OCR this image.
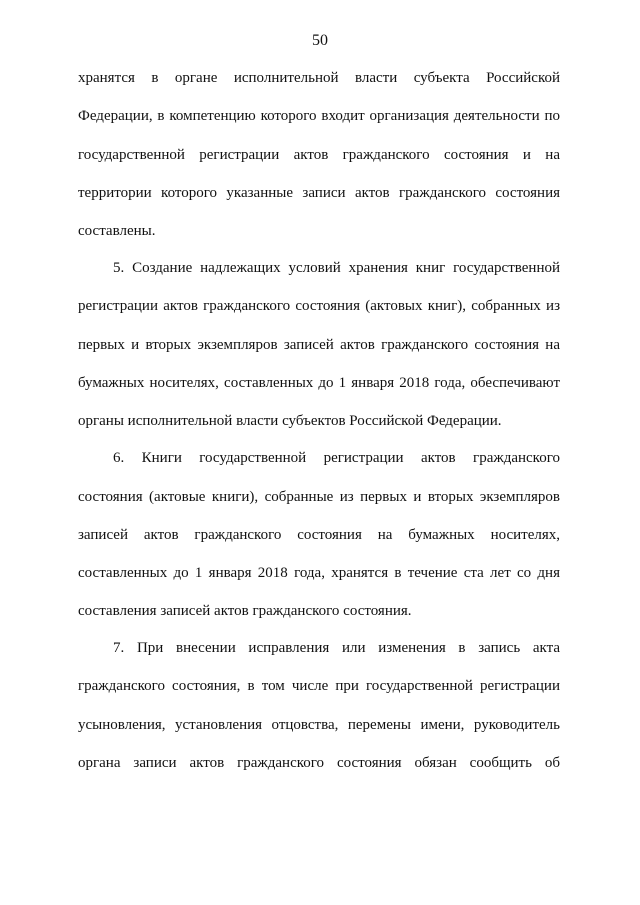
50
хранятся в органе исполнительной власти субъекта Российской
Федерации, в компетенцию которого входит организация деятельности по
государственной регистрации актов гражданского состояния и на
территории которого указанные записи актов гражданского состояния
составлены.
5. Создание надлежащих условий хранения книг государственной
регистрации актов гражданского состояния (актовых книг), собранных из
первых и вторых экземпляров записей актов гражданского состояния на
бумажных носителях, составленных до 1 января 2018 года, обеспечивают
органы исполнительной власти субъектов Российской Федерации.
6. Книги государственной регистрации актов гражданского
состояния (актовые книги), собранные из первых и вторых экземпляров
записей актов гражданского состояния на бумажных носителях,
составленных до 1 января 2018 года, хранятся в течение ста лет со дня
составления записей актов гражданского состояния.
7. При внесении исправления или изменения в запись акта
гражданского состояния, в том числе при государственной регистрации
усыновления, установления отцовства, перемены имени, руководитель
органа записи актов гражданского состояния обязан сообщить об
